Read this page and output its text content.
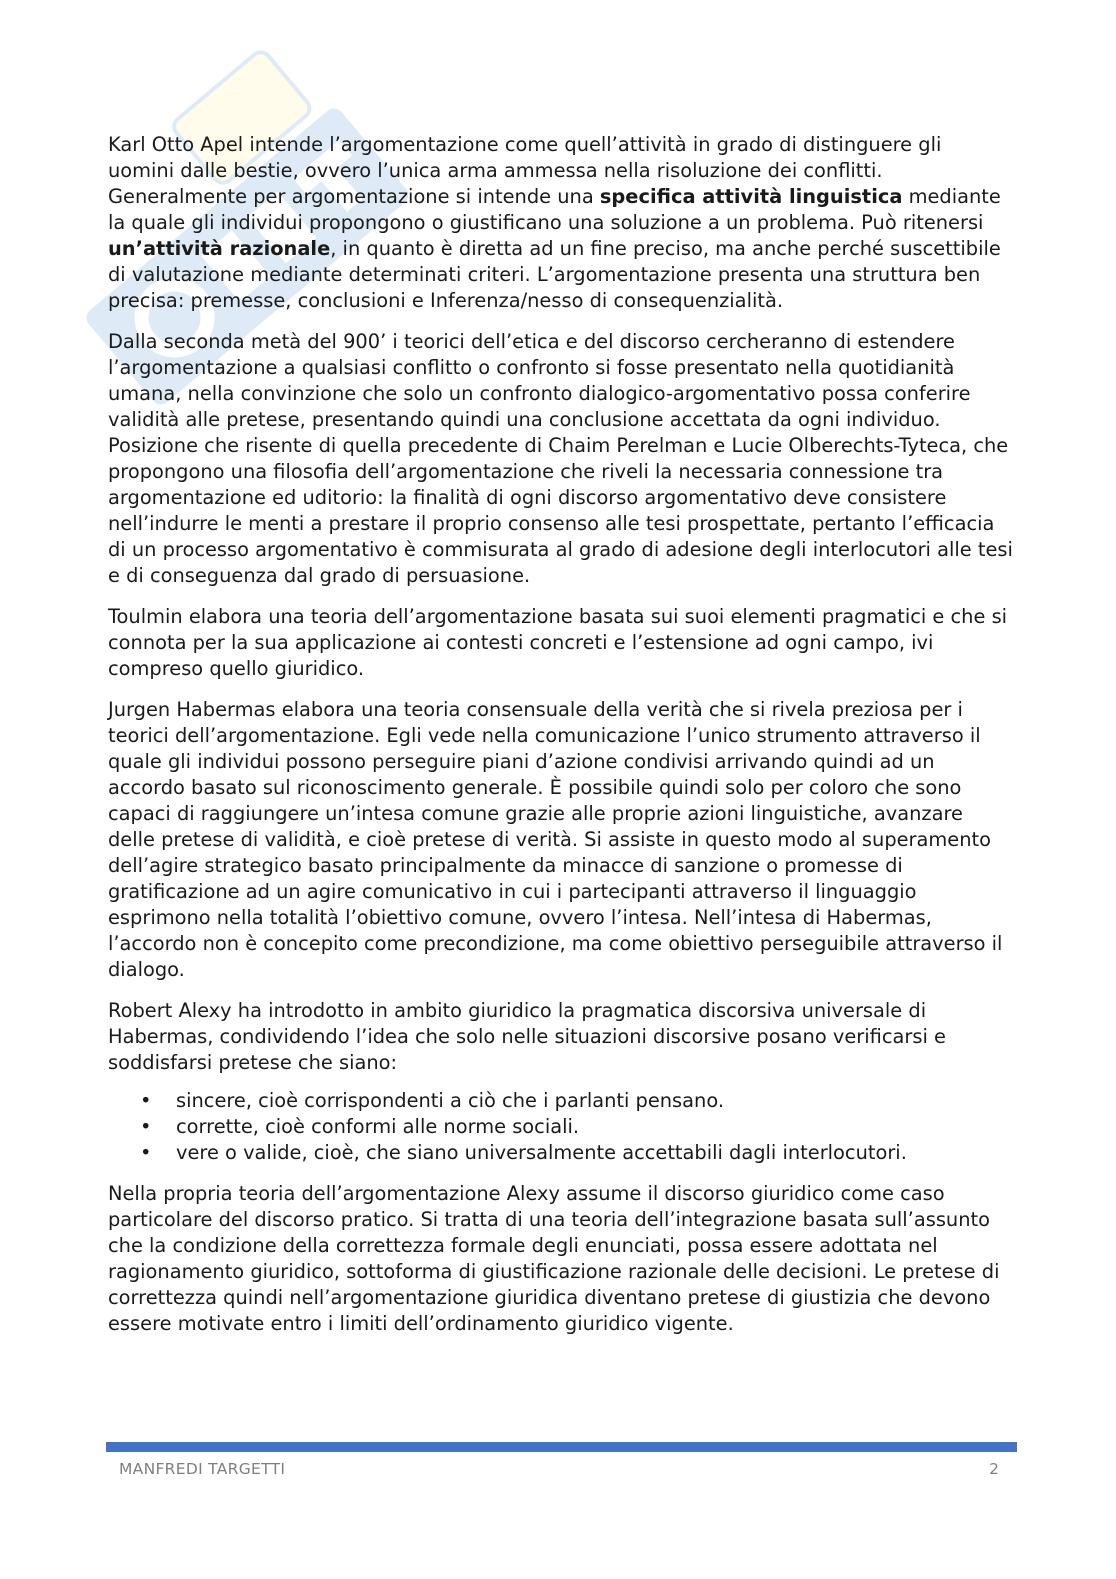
Karl Otto Apel intende l’argomentazione come quell’attività in grado di distinguere gli uomini dalle bestie, ovvero l’unica arma ammessa nella risoluzione dei conflitti. Generalmente per argomentazione si intende una specifica attività linguistica mediante la quale gli individui propongono o giustificano una soluzione a un problema. Può ritenersi un’attività razionale, in quanto è diretta ad un fine preciso, ma anche perché suscettibile di valutazione mediante determinati criteri. L’argomentazione presenta una struttura ben precisa: premesse, conclusioni e Inferenza/nesso di consequenzialità.

Dalla seconda metà del 900’ i teorici dell’etica e del discorso cercheranno di estendere l’argomentazione a qualsiasi conflitto o confronto si fosse presentato nella quotidianità umana, nella convinzione che solo un confronto dialogico-argomentativo possa conferire validità alle pretese, presentando quindi una conclusione accettata da ogni individuo. Posizione che risente di quella precedente di Chaim Perelman e Lucie Olberechts-Tyteca, che propongono una filosofia dell’argomentazione che riveli la necessaria connessione tra argomentazione ed uditorio: la finalità di ogni discorso argomentativo deve consistere nell’indurre le menti a prestare il proprio consenso alle tesi prospettate, pertanto l’efficacia di un processo argomentativo è commisurata al grado di adesione degli interlocutori alle tesi e di conseguenza dal grado di persuasione.

Toulmin elabora una teoria dell’argomentazione basata sui suoi elementi pragmatici e che si connota per la sua applicazione ai contesti concreti e l’estensione ad ogni campo, ivi compreso quello giuridico.

Jurgen Habermas elabora una teoria consensuale della verità che si rivela preziosa per i teorici dell’argomentazione. Egli vede nella comunicazione l’unico strumento attraverso il quale gli individui possono perseguire piani d’azione condivisi arrivando quindi ad un accordo basato sul riconoscimento generale. È possibile quindi solo per coloro che sono capaci di raggiungere un’intesa comune grazie alle proprie azioni linguistiche, avanzare delle pretese di validità, e cioè pretese di verità. Si assiste in questo modo al superamento dell’agire strategico basato principalmente da minacce di sanzione o promesse di gratificazione ad un agire comunicativo in cui i partecipanti attraverso il linguaggio esprimono nella totalità l’obiettivo comune, ovvero l’intesa. Nell’intesa di Habermas, l’accordo non è concepito come precondizione, ma come obiettivo perseguibile attraverso il dialogo.

Robert Alexy ha introdotto in ambito giuridico la pragmatica discorsiva universale di Habermas, condividendo l’idea che solo nelle situazioni discorsive posano verificarsi e soddisfarsi pretese che siano:

• sincere, cioè corrispondenti a ciò che i parlanti pensano.
• corrette, cioè conformi alle norme sociali.
• vere o valide, cioè, che siano universalmente accettabili dagli interlocutori.

Nella propria teoria dell’argomentazione Alexy assume il discorso giuridico come caso particolare del discorso pratico. Si tratta di una teoria dell’integrazione basata sull’assunto che la condizione della correttezza formale degli enunciati, possa essere adottata nel ragionamento giuridico, sottoforma di giustificazione razionale delle decisioni. Le pretese di correttezza quindi nell’argomentazione giuridica diventano pretese di giustizia che devono essere motivate entro i limiti dell’ordinamento giuridico vigente.

MANFREDI TARGETTI	2
